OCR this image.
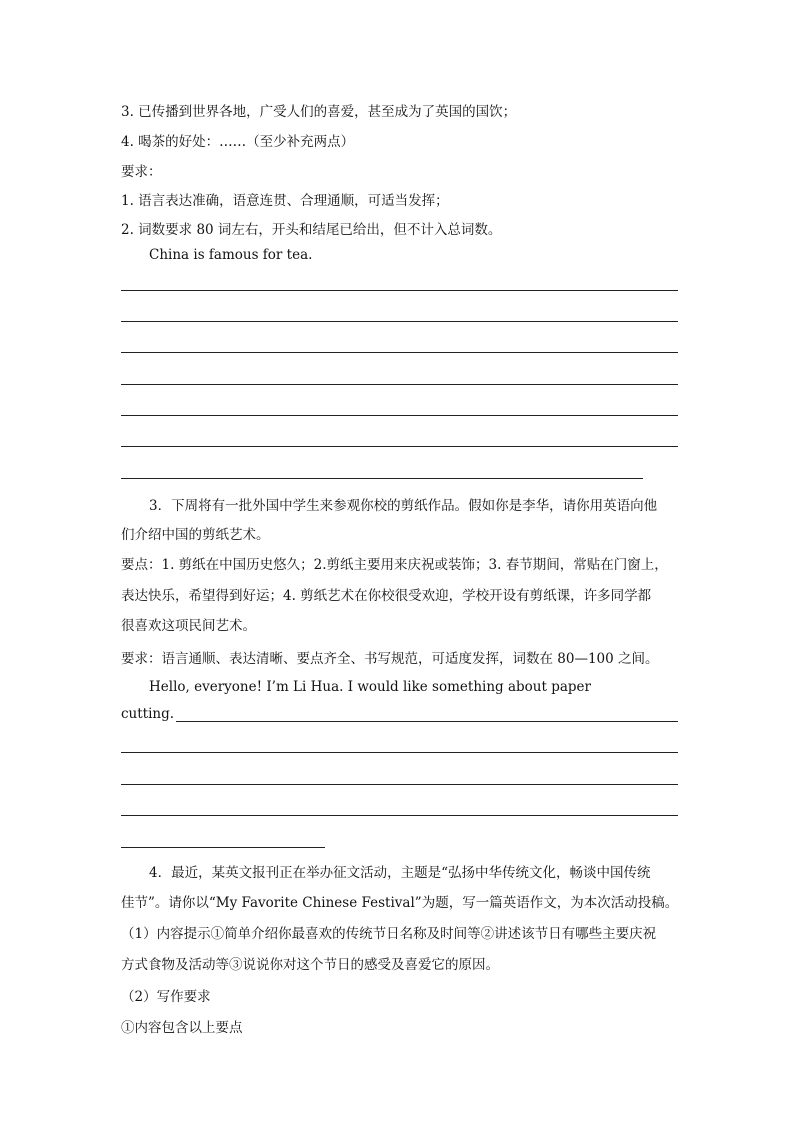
3. 已传播到世界各地，广受人们的喜爱，甚至成为了英国的国饮；
4. 喝茶的好处：……（至少补充两点）
要求：
1. 语言表达准确，语意连贯、合理通顺，可适当发挥；
2. 词数要求 80 词左右，开头和结尾已给出，但不计入总词数。
China is famous for tea.
3．下周将有一批外国中学生来参观你校的剪纸作品。假如你是李华，请你用英语向他
们介绍中国的剪纸艺术。
要点：1. 剪纸在中国历史悠久；2.剪纸主要用来庆祝或装饰；3. 春节期间，常贴在门窗上，
表达快乐，希望得到好运；4. 剪纸艺术在你校很受欢迎，学校开设有剪纸课，许多同学都
很喜欢这项民间艺术。
要求：语言通顺、表达清晰、要点齐全、书写规范，可适度发挥，词数在 80—100 之间。
Hello, everyone! I’m Li Hua. I would like something about paper
cutting.
4．最近，某英文报刊正在举办征文活动，主题是“弘扬中华传统文化，畅谈中国传统
佳节”。请你以“My Favorite Chinese Festival”为题，写一篇英语作文，为本次活动投稿。
（1）内容提示①简单介绍你最喜欢的传统节日名称及时间等②讲述该节日有哪些主要庆祝
方式食物及活动等③说说你对这个节日的感受及喜爱它的原因。
（2）写作要求
①内容包含以上要点
